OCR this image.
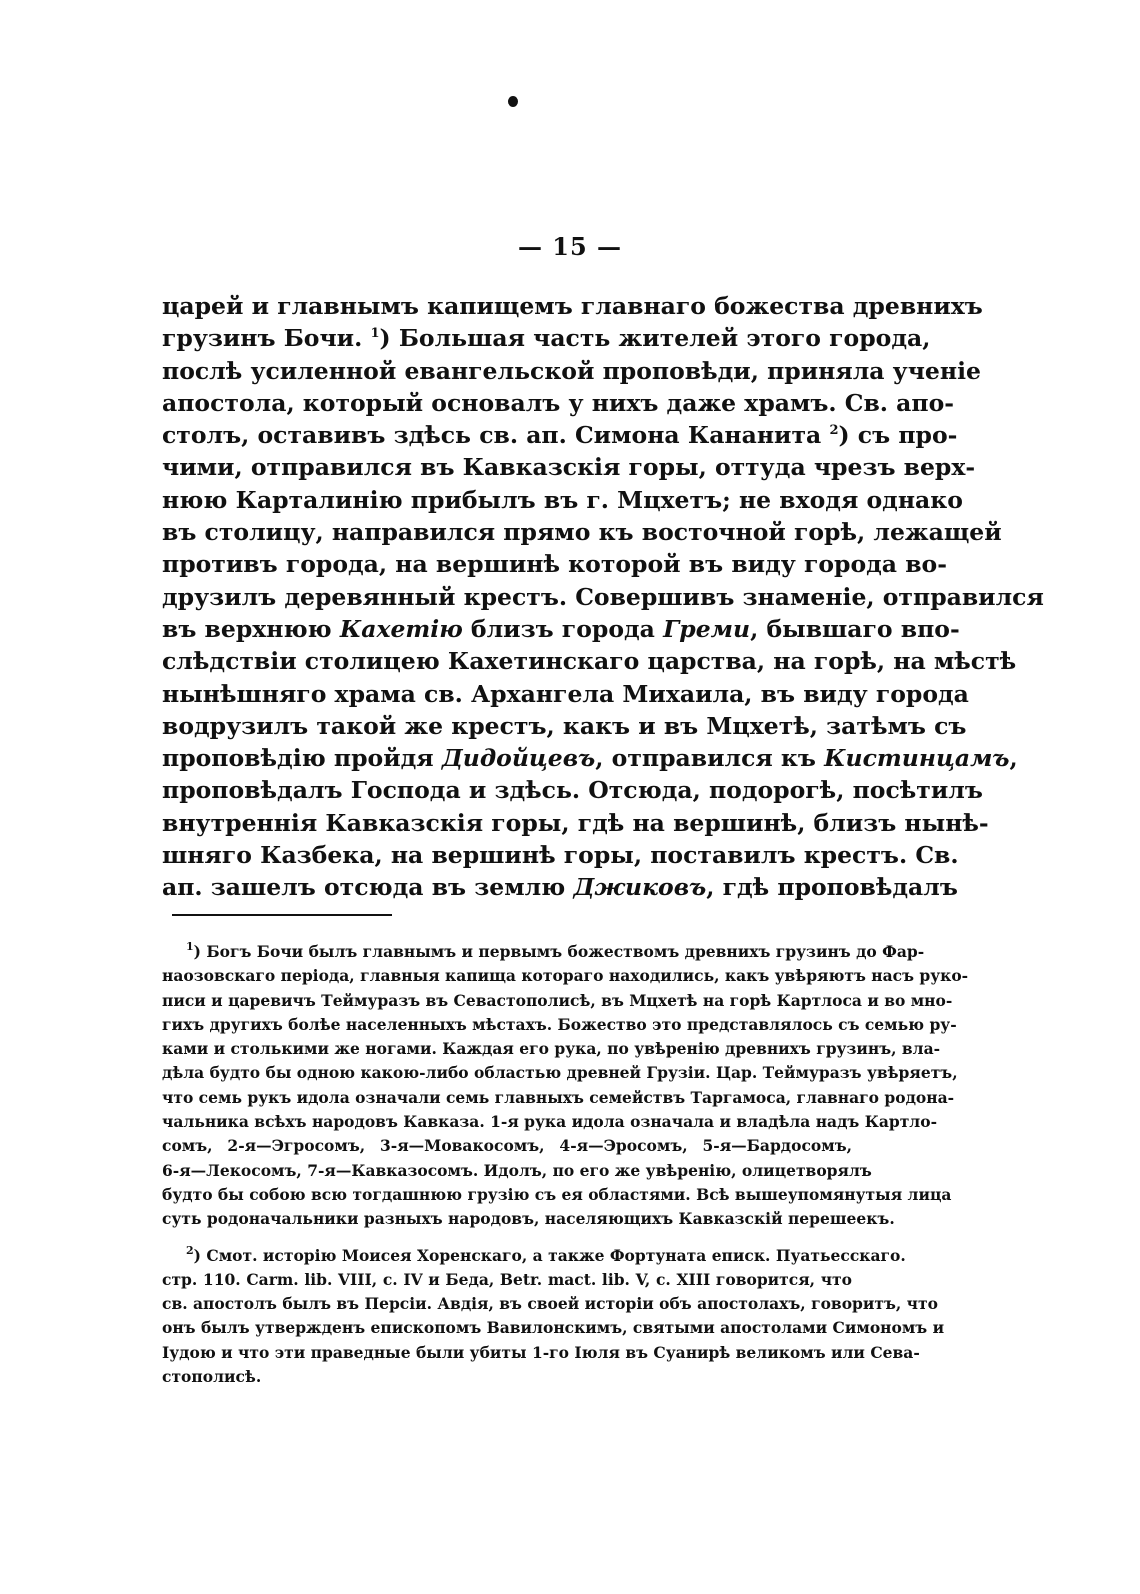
— 15 —
царей и главнымъ капищемъ главнаго божества древнихъ
грузинъ Бочи. $^1$) Большая часть жителей этого города,
послѣ усиленной евангельской проповѣди, приняла ученіе
апостола, который основалъ у нихъ даже храмъ. Св. апо-
столъ, оставивъ здѣсь св. ап. Симона Кананита $^2$) съ про-
чими, отправился въ Кавказскія горы, оттуда чрезъ верх-
нюю Карталинію прибылъ въ г. Мцхетъ; не входя однако
въ столицу, направился прямо къ восточной горѣ, лежащей
противъ города, на вершинѣ которой въ виду города во-
друзилъ деревянный крестъ. Совершивъ знаменіе, отправился
въ верхнюю Кахетію близъ города Греми, бывшаго впо-
слѣдствіи столицею Кахетинскаго царства, на горѣ, на мѣстѣ
нынѣшняго храма св. Архангела Михаила, въ виду города
водрузилъ такой же крестъ, какъ и въ Мцхетѣ, затѣмъ съ
проповѣдію пройдя Дидойцевъ, отправился къ Кистинцамъ,
проповѣдалъ Господа и здѣсь. Отсюда, подорогѣ, посѣтилъ
внутреннія Кавказскія горы, гдѣ на вершинѣ, близъ нынѣ-
шняго Казбека, на вершинѣ горы, поставилъ крестъ. Св.
ап. зашелъ отсюда въ землю Джиковъ, гдѣ проповѣдалъ
$^1$) Богъ Бочи былъ главнымъ и первымъ божествомъ древнихъ грузинъ до Фар-
наозовскаго періода, главныя капища котораго находились, какъ увѣряютъ насъ руко-
писи и царевичъ Теймуразъ въ Севастополисѣ, въ Мцхетѣ на горѣ Картлоса и во мно-
гихъ другихъ болѣе населенныхъ мѣстахъ. Божество это представлялось съ семью ру-
ками и столькими же ногами. Каждая его рука, по увѣренію древнихъ грузинъ, вла-
дѣла будто бы одною какою-либо областью древней Грузіи. Цар. Теймуразъ увѣряетъ,
что семь рукъ идола означали семь главныхъ семействъ Таргамоса, главнаго родона-
чальника всѣхъ народовъ Кавказа. 1-я рука идола означала и владѣла надъ Картло-
сомъ, 2-я—Эгросомъ, 3-я—Мовакосомъ, 4-я—Эросомъ, 5-я—Бардосомъ,
6-я—Лекосомъ, 7-я—Кавказосомъ. Идолъ, по его же увѣренію, олицетворялъ
будто бы собою всю тогдашнюю грузію съ ея областями. Всѣ вышеупомянутыя лица
суть родоначальники разныхъ народовъ, населяющихъ Кавказскій перешеекъ.
$^2$) Смот. исторію Моисея Хоренскаго, а также Фортуната еписк. Пуатьесскаго.
стр. 110. Carm. lib. VIII, c. IV и Беда, Betr. mact. lib. V, c. XIII говорится, что
св. апостолъ былъ въ Персіи. Авдія, въ своей исторіи объ апостолахъ, говоритъ, что
онъ былъ утвержденъ епископомъ Вавилонскимъ, святыми апостолами Симономъ и
Іудою и что эти праведные были убиты 1-го Іюля въ Суанирѣ великомъ или Сева-
стополисѣ.
